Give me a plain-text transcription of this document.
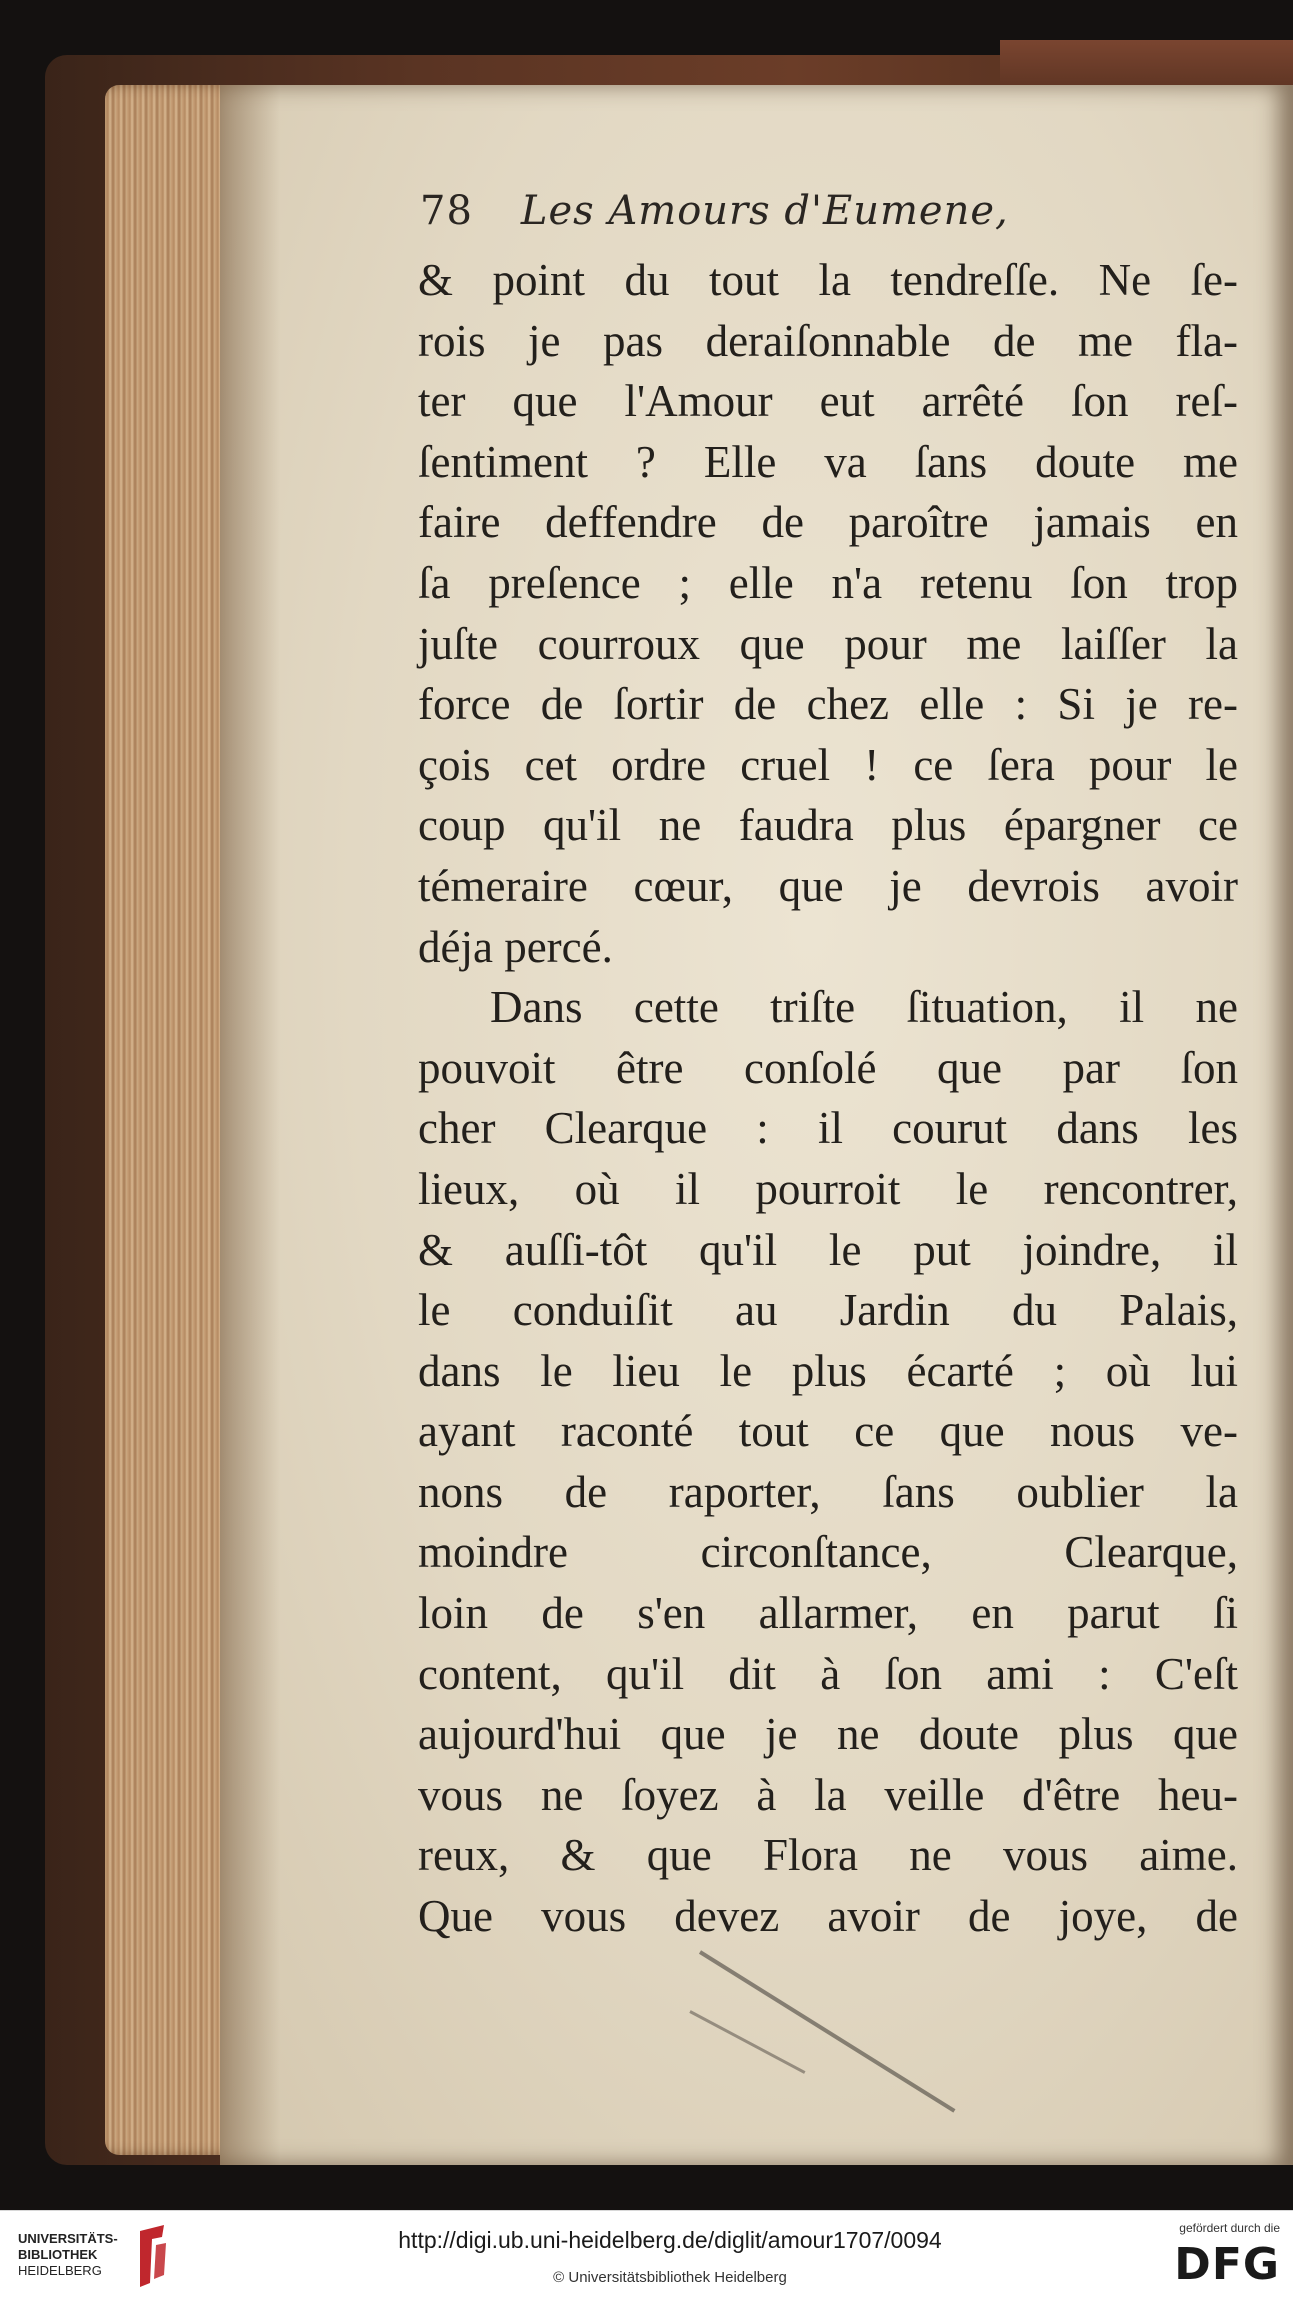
78 Les Amours d'Eumene,
& point du tout la tendreſſe. Ne ſe-
rois je pas deraiſonnable de me fla-
ter que l'Amour eut arrêté ſon reſ-
ſentiment ? Elle va ſans doute me
faire deffendre de paroître jamais en
ſa preſence ; elle n'a retenu ſon trop
juſte courroux que pour me laiſſer la
force de ſortir de chez elle : Si je re-
çois cet ordre cruel ! ce ſera pour le
coup qu'il ne faudra plus épargner ce
témeraire cœur, que je devrois avoir
déja percé.
Dans cette triſte ſituation, il ne
pouvoit être conſolé que par ſon
cher Clearque : il courut dans les
lieux, où il pourroit le rencontrer,
& auſſi-tôt qu'il le put joindre, il
le conduiſit au Jardin du Palais,
dans le lieu le plus écarté ; où lui
ayant raconté tout ce que nous ve-
nons de raporter, ſans oublier la
moindre circonſtance, Clearque,
loin de s'en allarmer, en parut ſi
content, qu'il dit à ſon ami : C'eſt
aujourd'hui que je ne doute plus que
vous ne ſoyez à la veille d'être heu-
reux, & que Flora ne vous aime.
Que vous devez avoir de joye, de
UNIVERSITÄTS-
BIBLIOTHEK
HEIDELBERG
http://digi.ub.uni-heidelberg.de/diglit/amour1707/0094
© Universitätsbibliothek Heidelberg
gefördert durch die
DFG
